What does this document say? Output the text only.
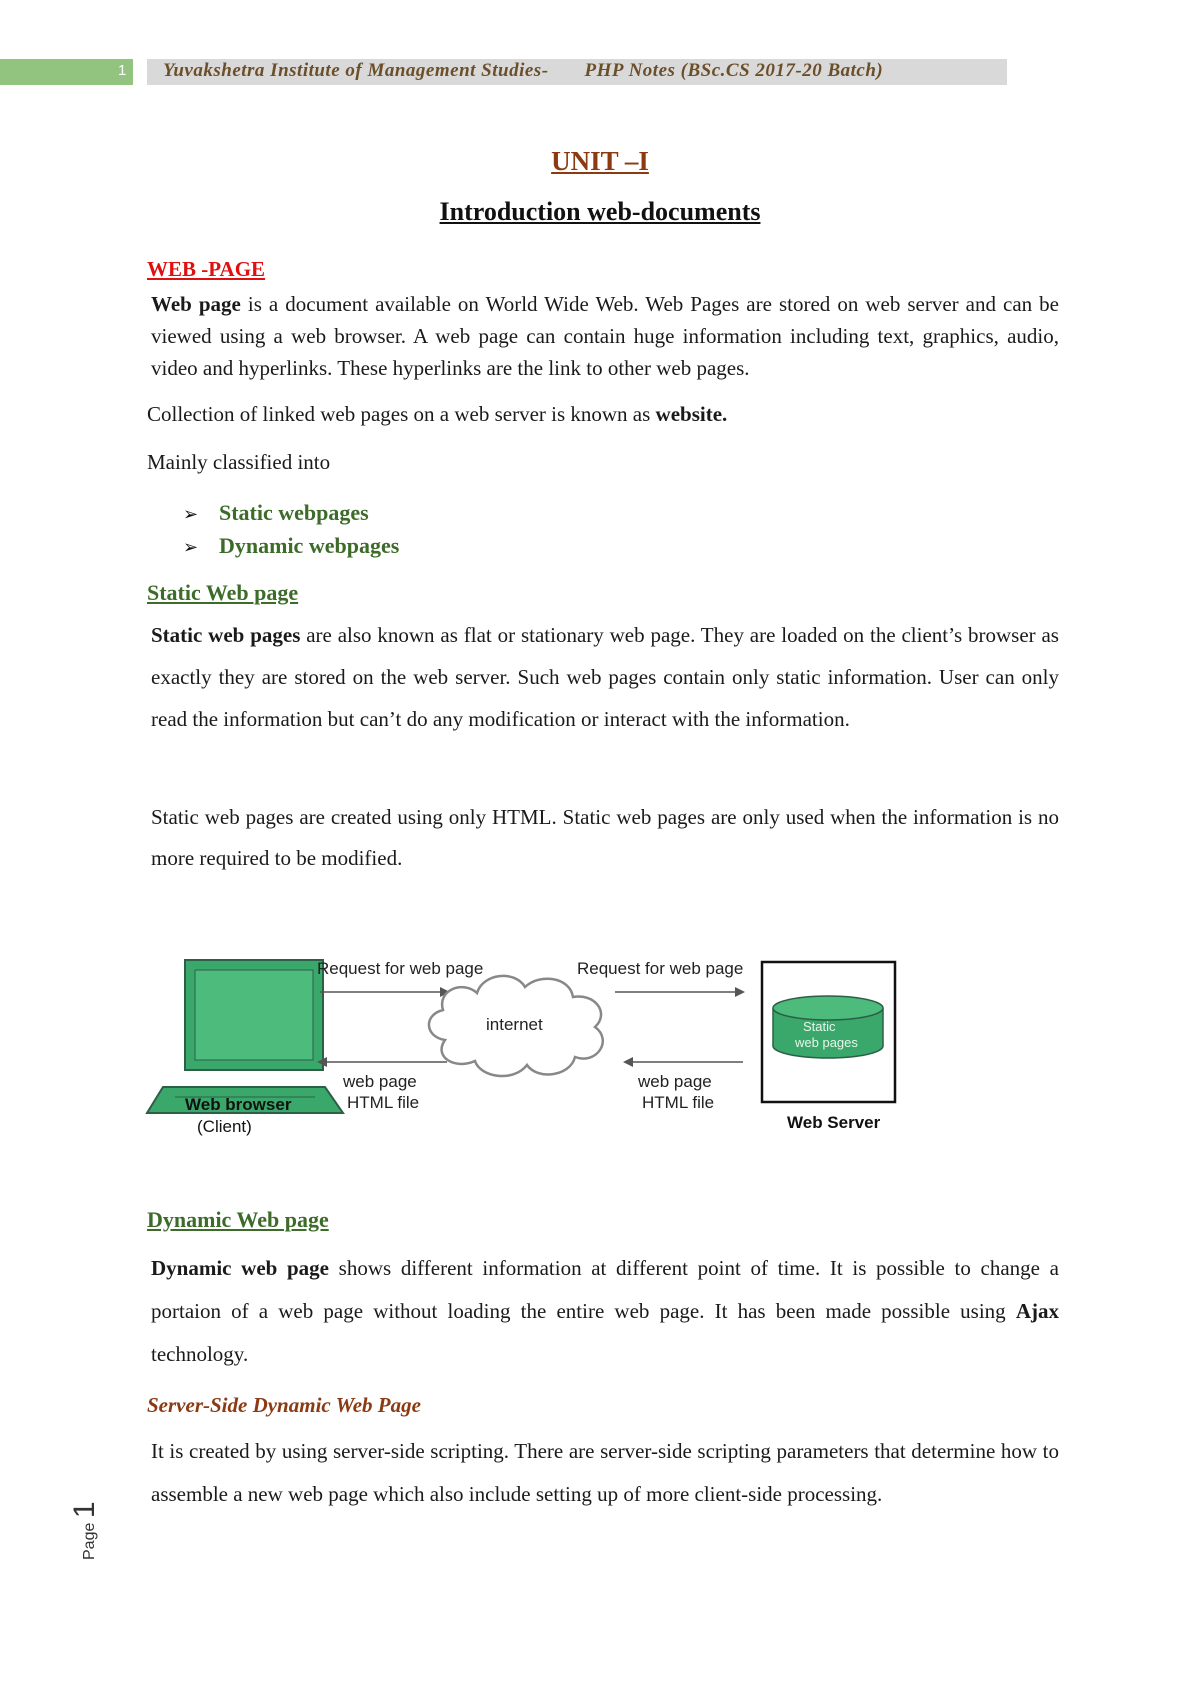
1 Yuvakshetra Institute of Management Studies- PHP Notes (BSc.CS 2017-20 Batch)
UNIT –I
Introduction web-documents
WEB -PAGE
Web page is a document available on World Wide Web. Web Pages are stored on web server and can be viewed using a web browser. A web page can contain huge information including text, graphics, audio, video and hyperlinks. These hyperlinks are the link to other web pages.
Collection of linked web pages on a web server is known as website.
Mainly classified into
➢ Static webpages
➢ Dynamic webpages
Static Web page
Static web pages are also known as flat or stationary web page. They are loaded on the client’s browser as exactly they are stored on the web server. Such web pages contain only static information. User can only read the information but can’t do any modification or interact with the information.
Static web pages are created using only HTML. Static web pages are only used when the information is no more required to be modified.
Web browser
(Client)
Request for web page
web page
HTML file
internet
Request for web page
web page
HTML file
Static
web pages
Web Server
Dynamic Web page
Dynamic web page shows different information at different point of time. It is possible to change a portaion of a web page without loading the entire web page. It has been made possible using Ajax technology.
Server-Side Dynamic Web Page
It is created by using server-side scripting. There are server-side scripting parameters that determine how to assemble a new web page which also include setting up of more client-side processing.
Page 1
